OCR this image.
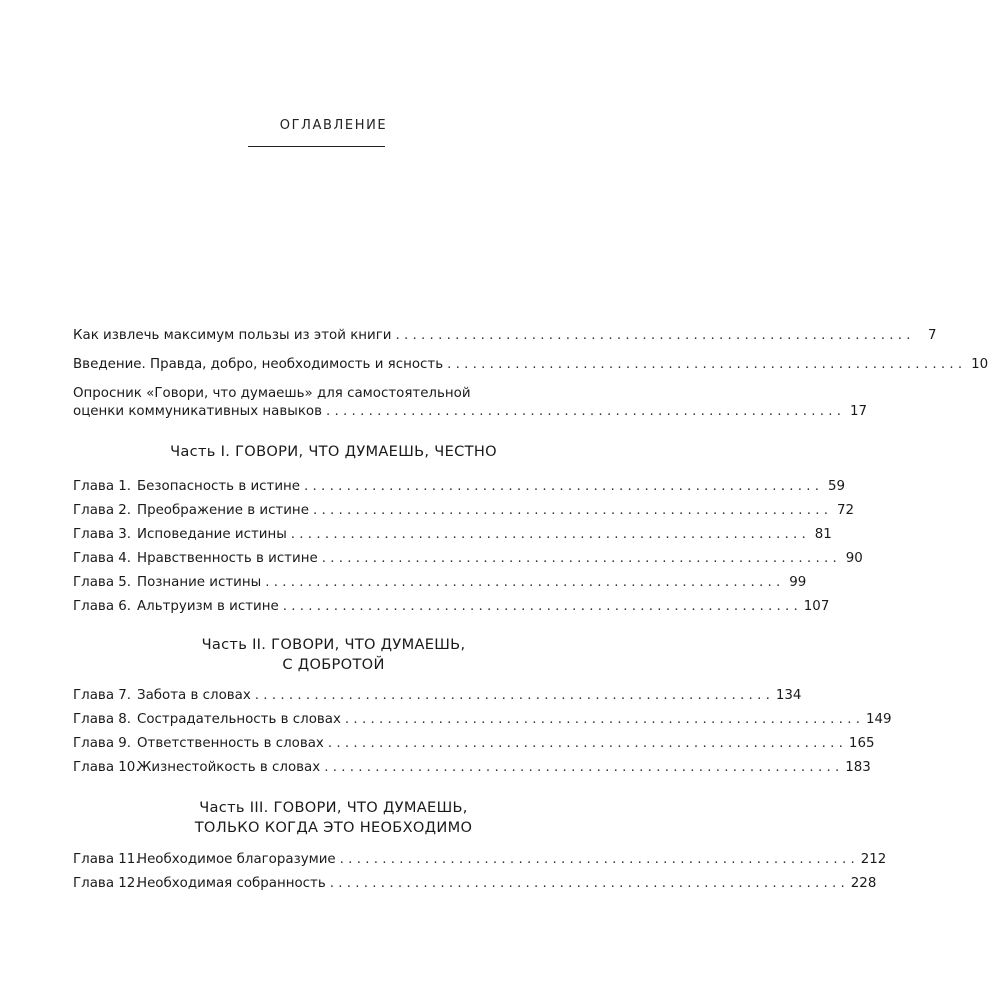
ОГЛАВЛЕНИЕ
Как извлечь максимум пользы из этой книги . . . . . . . . . . . . . . . . . . . . . . . . . . . . . . . . . . . . . . . . . . . . . . . . . . . . . . . . . . . . .	7
Введение. Правда, добро, необходимость и ясность . . . . . . . . . . . . . . . . . . . . . . . . . . . . . . . . . . . . . . . . . . . . . . . . . . . . . . . . . . . . . 10
Опросник «Говори, что думаешь» для самостоятельной
оценки коммуникативных навыков . . . . . . . . . . . . . . . . . . . . . . . . . . . . . . . . . . . . . . . . . . . . . . . . . . . . . . . . . . . . . 17
Глава 1. Безопасность в истине . . . . . . . . . . . . . . . . . . . . . . . . . . . . . . . . . . . . . . . . . . . . . . . . . . . . . . . . . . . . . 59
Глава 2. Преображение в истине . . . . . . . . . . . . . . . . . . . . . . . . . . . . . . . . . . . . . . . . . . . . . . . . . . . . . . . . . . . . . 72
Глава 3. Исповедание истины . . . . . . . . . . . . . . . . . . . . . . . . . . . . . . . . . . . . . . . . . . . . . . . . . . . . . . . . . . . . . 81
Глава 4. Нравственность в истине . . . . . . . . . . . . . . . . . . . . . . . . . . . . . . . . . . . . . . . . . . . . . . . . . . . . . . . . . . . . . 90
Глава 5. Познание истины . . . . . . . . . . . . . . . . . . . . . . . . . . . . . . . . . . . . . . . . . . . . . . . . . . . . . . . . . . . . . 99
Глава 6. Альтруизм в истине . . . . . . . . . . . . . . . . . . . . . . . . . . . . . . . . . . . . . . . . . . . . . . . . . . . . . . . . . . . . . 107
Глава 7. Забота в словах . . . . . . . . . . . . . . . . . . . . . . . . . . . . . . . . . . . . . . . . . . . . . . . . . . . . . . . . . . . . . 134
Глава 8. Сострадательность в словах . . . . . . . . . . . . . . . . . . . . . . . . . . . . . . . . . . . . . . . . . . . . . . . . . . . . . . . . . . . . . 149
Глава 9. Ответственность в словах . . . . . . . . . . . . . . . . . . . . . . . . . . . . . . . . . . . . . . . . . . . . . . . . . . . . . . . . . . . . . 165
Глава 10.Жизнестойкость в словах . . . . . . . . . . . . . . . . . . . . . . . . . . . . . . . . . . . . . . . . . . . . . . . . . . . . . . . . . . . . . 183
Глава 11.Необходимое благоразумие . . . . . . . . . . . . . . . . . . . . . . . . . . . . . . . . . . . . . . . . . . . . . . . . . . . . . . . . . . . . . 212
Глава 12.Необходимая собранность . . . . . . . . . . . . . . . . . . . . . . . . . . . . . . . . . . . . . . . . . . . . . . . . . . . . . . . . . . . . . 228
Часть I. ГОВОРИ, ЧТО ДУМАЕШЬ, ЧЕСТНО
Часть II. ГОВОРИ, ЧТО ДУМАЕШЬ,
С ДОБРОТОЙ
Часть III. ГОВОРИ, ЧТО ДУМАЕШЬ,
ТОЛЬКО КОГДА ЭТО НЕОБХОДИМО
